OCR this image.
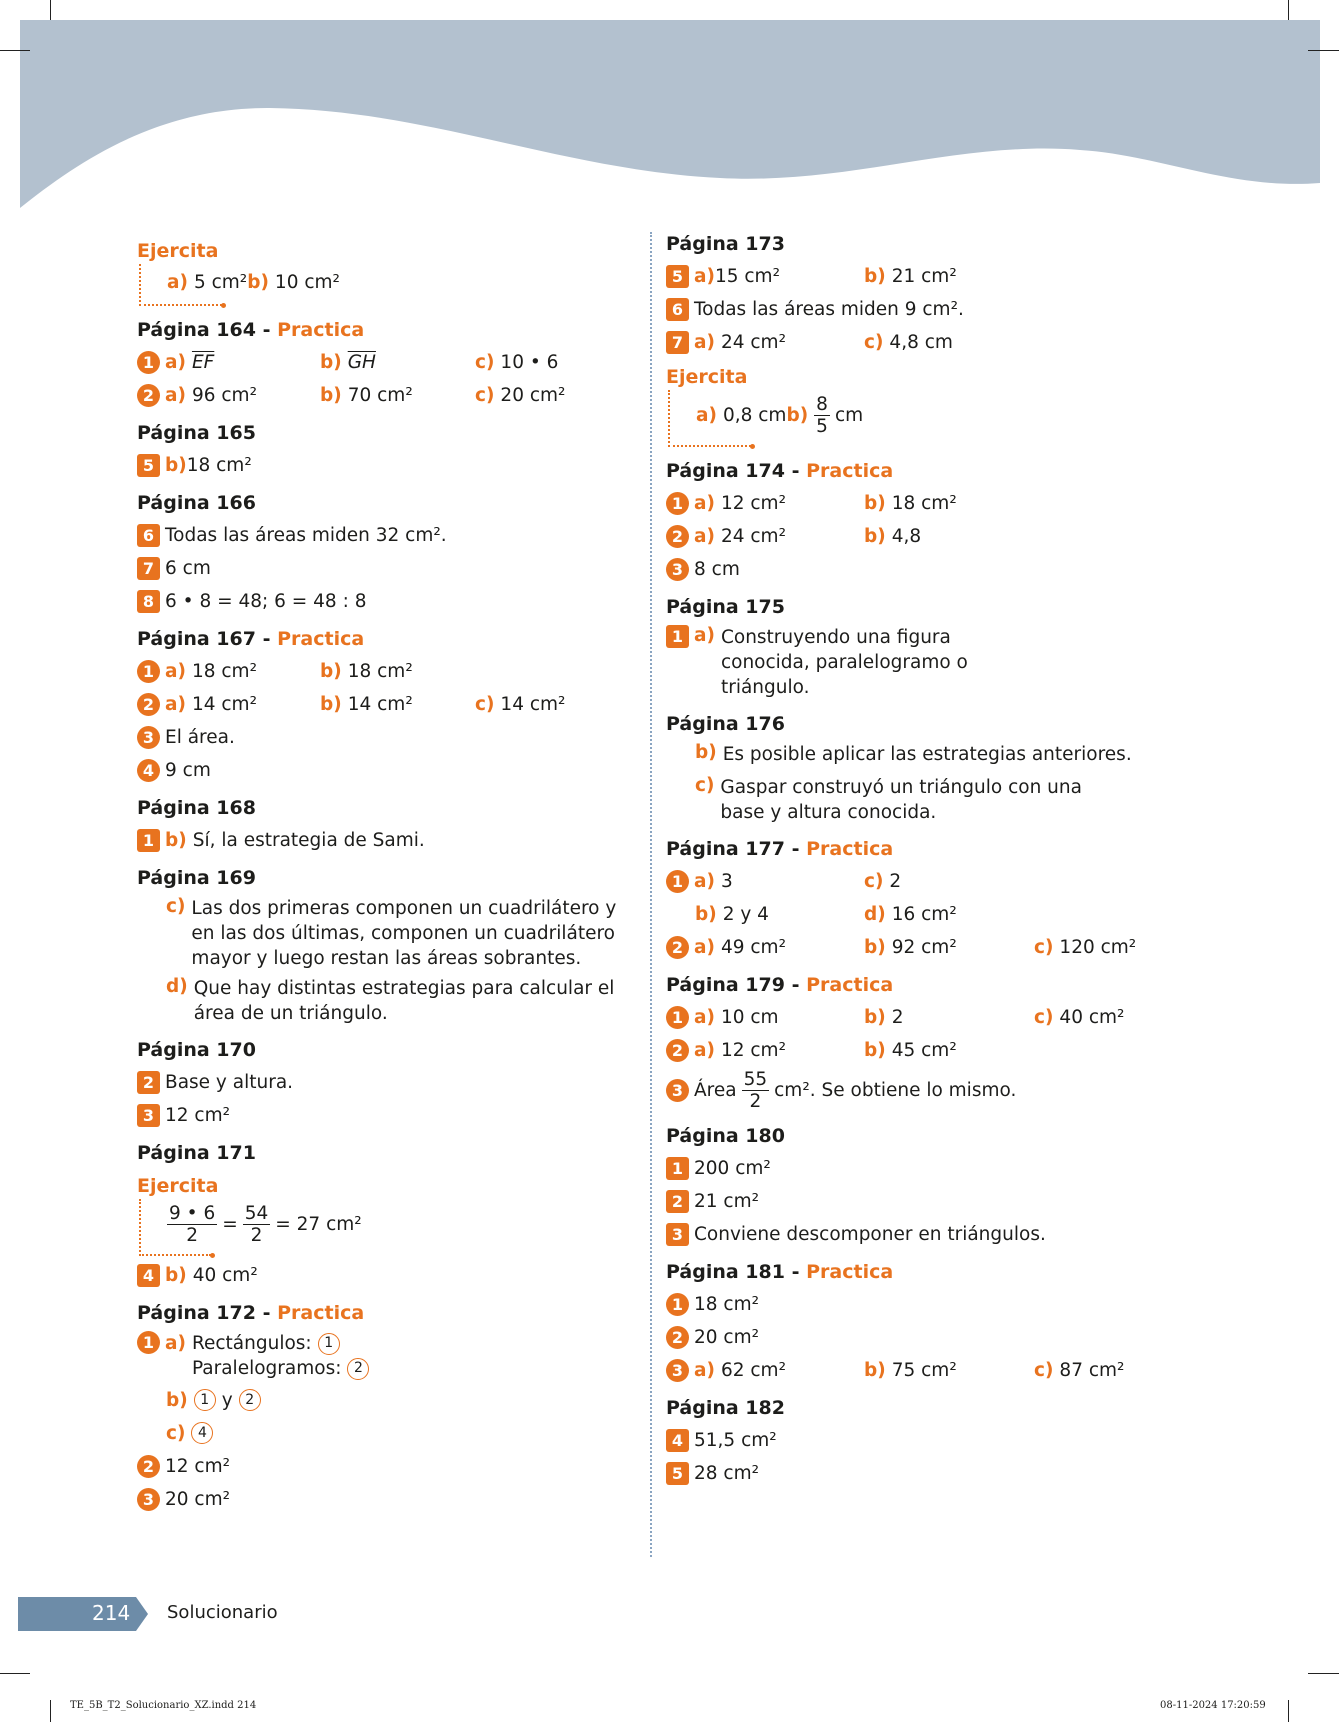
Ejercita
a) 5 cm² b) 10 cm²
Página 164 - Practica
1 a) $\overline{EF}$	b) $\overline{GH}$	c) 10 • 6
2 a) 96 cm²	b) 70 cm²	c) 20 cm²
Página 165
5 b) 18 cm²
Página 166
6 Todas las áreas miden 32 cm².
7 6 cm
8 6 • 8 = 48; 6 = 48 : 8
Página 167 - Practica
1 a) 18 cm²	b) 18 cm²
2 a) 14 cm²	b) 14 cm²	c) 14 cm²
3 El área.
4 9 cm
Página 168
1 b) Sí, la estrategia de Sami.
Página 169
c) Las dos primeras componen un cuadrilátero y en las dos últimas, componen un cuadrilátero mayor y luego restan las áreas sobrantes.
d) Que hay distintas estrategias para calcular el área de un triángulo.
Página 170
2 Base y altura.
3 12 cm²
Página 171
Ejercita
$\frac{9 • 6}{2} = \frac{54}{2} = 27$ cm²
4 b) 40 cm²
Página 172 - Practica
1 a) Rectángulos: 1
Paralelogramos: 2
b) 1 y 2
c) 4
2 12 cm²
3 20 cm²
Página 173
5 a) 15 cm²	b) 21 cm²
6 Todas las áreas miden 9 cm².
7 a) 24 cm²	c) 4,8 cm
Ejercita
a) 0,8 cm $b) \frac{8}{5}$ cm
Página 174 - Practica
1 a) 12 cm²	b) 18 cm²
2 a) 24 cm²	b) 4,8
3 8 cm
Página 175
1 a) Construyendo una figura conocida, paralelogramo o triángulo.
Página 176
b) Es posible aplicar las estrategias anteriores.
c) Gaspar construyó un triángulo con una base y altura conocida.
Página 177 - Practica
1 a) 3	c) 2
b) 2 y 4	d) 16 cm²
2 a) 49 cm²	b) 92 cm²	c) 120 cm²
Página 179 - Practica
1 a) 10 cm	b) 2	c) 40 cm²
2 a) 12 cm²	b) 45 cm²
3 Área $\frac{55}{2} cm^2$. Se obtiene lo mismo.
Página 180
1 200 cm²
2 21 cm²
3 Conviene descomponer en triángulos.
Página 181 - Practica
1 18 cm²
2 20 cm²
3 a) 62 cm²	b) 75 cm²	c) 87 cm²
Página 182
4 51,5 cm²
5 28 cm²
214 Solucionario
TE_5B_T2_Solucionario_XZ.indd 214	08-11-2024 17:20:59
